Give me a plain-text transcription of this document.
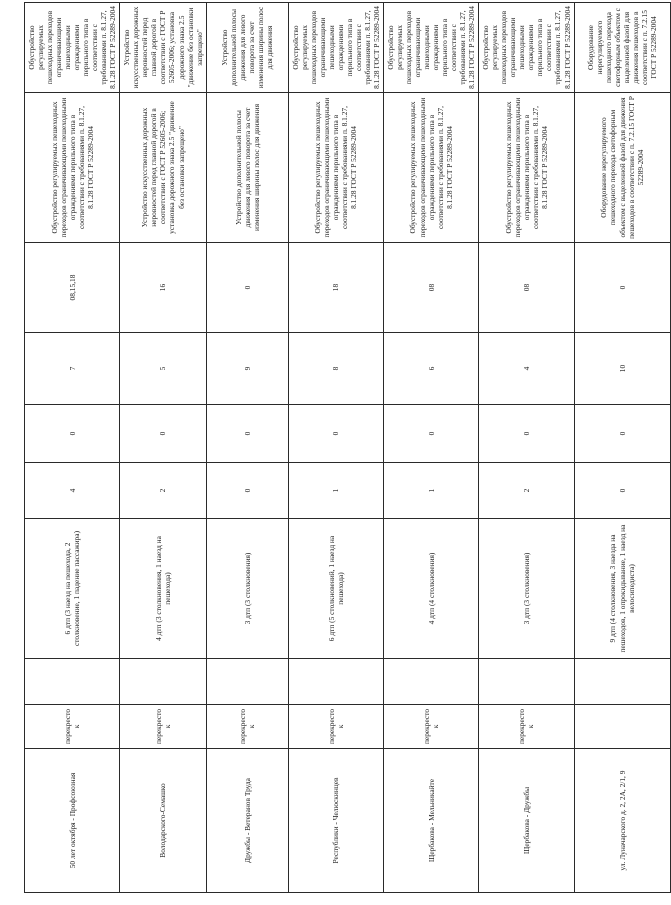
50 лет октября - Профсоюзная	перекресток		6 дтп (3 наезд на пешехода, 2 столкновение, 1 падение пассажира)	4	0	7	08,15,18	Обустройство регулируемых пешеходных переходов ограничивающими пешеходными ограждениями перильного типа в соответствии с требованиями п. 8.1.27, 8.1.28 ГОСТ Р 52289-2004	Обустройство регулируемых пешеходных переходов ограничивающими пешеходными ограждениями перильного типа в соответствии с требованиями п. 8.1.27, 8.1.28 ГОСТ Р 52289-2004
Володарского-Семашко	перекресток		4 дтп (3 столкновения, 1 наезд на пешехода)	2	0	5	16	Устройство искусственных дорожных неровностей перед главной дорогой в соответствии с ГОСТ Р 52605-2006; установка дорожного знака 2.5 "движение без остановки запрещено"	Устройство искусственных дорожных неровностей перед главной дорогой в соответствии с ГОСТ Р 52605-2006; установка дорожного знака 2.5 "движение без остановки запрещено"
Дружбы - Ветеранов Труда	перекресток		3 дтп (3 столкновения)	0	0	9	0	Устройство дополнительной полосы движения для левого поворота за счет изменения ширины полос для движения	Устройство дополнительной полосы движения для левого поворота за счет изменения ширины полос для движения
Республики - Челюскинцев	перекресток		6 дтп (5 столкновений, 1 наезд на пешехода)	1	0	8	18	Обустройство регулируемых пешеходных переходов ограничивающими пешеходными ограждениями перильного типа в соответствии с требованиями п. 8.1.27, 8.1.28 ГОСТ Р 52289-2004	Обустройство регулируемых пешеходных переходов ограничивающими пешеходными ограждениями перильного типа в соответствии с требованиями п. 8.1.27, 8.1.28 ГОСТ Р 52289-2004
Щербакова - Мельникайте	перекресток		4 дтп (4 столкновения)	1	0	6	08	Обустройство регулируемых пешеходных переходов ограничивающими пешеходными ограждениями перильного типа в соответствии с требованиями п. 8.1.27, 8.1.28 ГОСТ Р 52289-2004	Обустройство регулируемых пешеходных переходов ограничивающими пешеходными ограждениями перильного типа в соответствии с требованиями п. 8.1.27, 8.1.28 ГОСТ Р 52289-2004
Щербакова - Дружбы	перекресток		3 дтп (3 столкновения)	2	0	4	08	Обустройство регулируемых пешеходных переходов ограничивающими пешеходными ограждениями перильного типа в соответствии с требованиями п. 8.1.27, 8.1.28 ГОСТ Р 52289-2004	Обустройство регулируемых пешеходных переходов ограничивающими пешеходными ограждениями перильного типа в соответствии с требованиями п. 8.1.27, 8.1.28 ГОСТ Р 52289-2004
ул. Луначарского д. 2, 2А, 2/1, 9			9 дтп (4 столкновения, 3 наезда на пешеходов, 1 опрокидывание, 1 наезд на велосипедиста)	0	0	10	0	Оборудование нерегулируемого пешеходного перехода светофорным объектом с выделенной фазой для движения пешеходов в соответствии с п. 7.2.15 ГОСТ Р 52289-2004	Оборудование нерегулируемого пешеходного перехода светофорным объектом с выделенной фазой для движения пешеходов в соответствии с п. 7.2.15 ГОСТ Р 52289-2004
